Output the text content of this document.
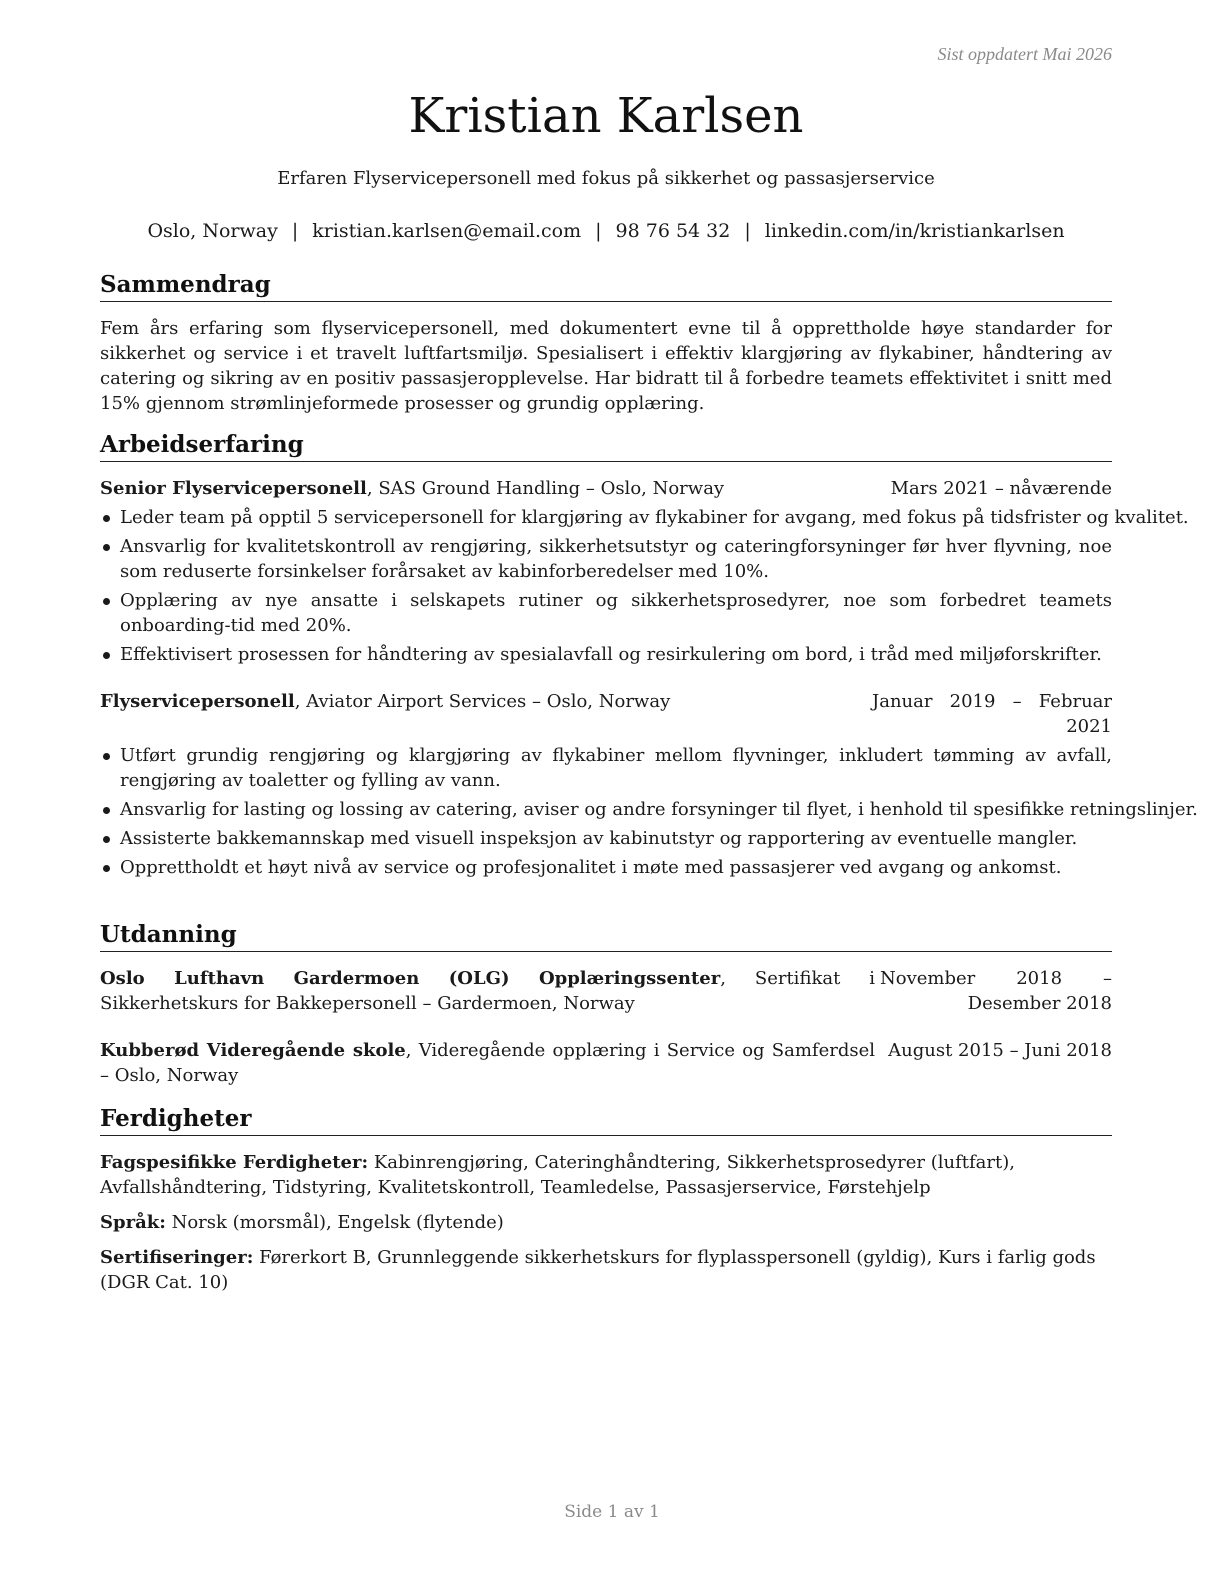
Sist oppdatert Mai 2026
Kristian Karlsen
Erfaren Flyservicepersonell med fokus på sikkerhet og passasjerservice
Oslo, Norway | kristian.karlsen@email.com | 98 76 54 32 | linkedin.com/in/kristiankarlsen
Sammendrag

Fem års erfaring som flyservicepersonell, med dokumentert evne til å opprettholde høye standarder for sikkerhet og service i et travelt luftfartsmiljø. Spesialisert i effektiv klargjøring av flykabiner, håndtering av catering og sikring av en positiv passasjeropplevelse. Har bidratt til å forbedre teamets effektivitet i snitt med 15% gjennom strømlinjeformede prosesser og grundig opplæring.

Arbeidserfaring
Senior Flyservicepersonell, SAS Ground Handling – Oslo, Norway	Mars 2021 – nåværende
Leder team på opptil 5 servicepersonell for klargjøring av flykabiner for avgang, med fokus på tidsfrister og kvalitet.
Ansvarlig for kvalitetskontroll av rengjøring, sikkerhetsutstyr og cateringforsyninger før hver flyvning, noe som reduserte forsinkelser forårsaket av kabinforberedelser med 10%.
Opplæring av nye ansatte i selskapets rutiner og sikkerhetsprosedyrer, noe som forbedret teamets onboarding-tid med 20%.
Effektivisert prosessen for håndtering av spesialavfall og resirkulering om bord, i tråd med miljøforskrifter.
Flyservicepersonell, Aviator Airport Services – Oslo, Norway	Januar 2019 – Februar 2021
Utført grundig rengjøring og klargjøring av flykabiner mellom flyvninger, inkludert tømming av avfall, rengjøring av toaletter og fylling av vann.
Ansvarlig for lasting og lossing av catering, aviser og andre forsyninger til flyet, i henhold til spesifikke retningslinjer.
Assisterte bakkemannskap med visuell inspeksjon av kabinutstyr og rapportering av eventuelle mangler.
Opprettholdt et høyt nivå av service og profesjonalitet i møte med passasjerer ved avgang og ankomst.
Utdanning
Oslo Lufthavn Gardermoen (OLG) Opplæringssenter, Sertifikat i Sikkerhetskurs for Bakkepersonell – Gardermoen, Norway
November 2018 – Desember 2018
Kubberød Videregående skole, Videregående opplæring i Service og Samferdsel – Oslo, Norway
August 2015 – Juni 2018
Ferdigheter
Fagspesifikke Ferdigheter: Kabinrengjøring, Cateringhåndtering, Sikkerhetsprosedyrer (luftfart), Avfallshåndtering, Tidstyring, Kvalitetskontroll, Teamledelse, Passasjerservice, Førstehjelp
Språk: Norsk (morsmål), Engelsk (flytende)
Sertifiseringer: Førerkort B, Grunnleggende sikkerhetskurs for flyplasspersonell (gyldig), Kurs i farlig gods (DGR Cat. 10)
Side 1 av 1
